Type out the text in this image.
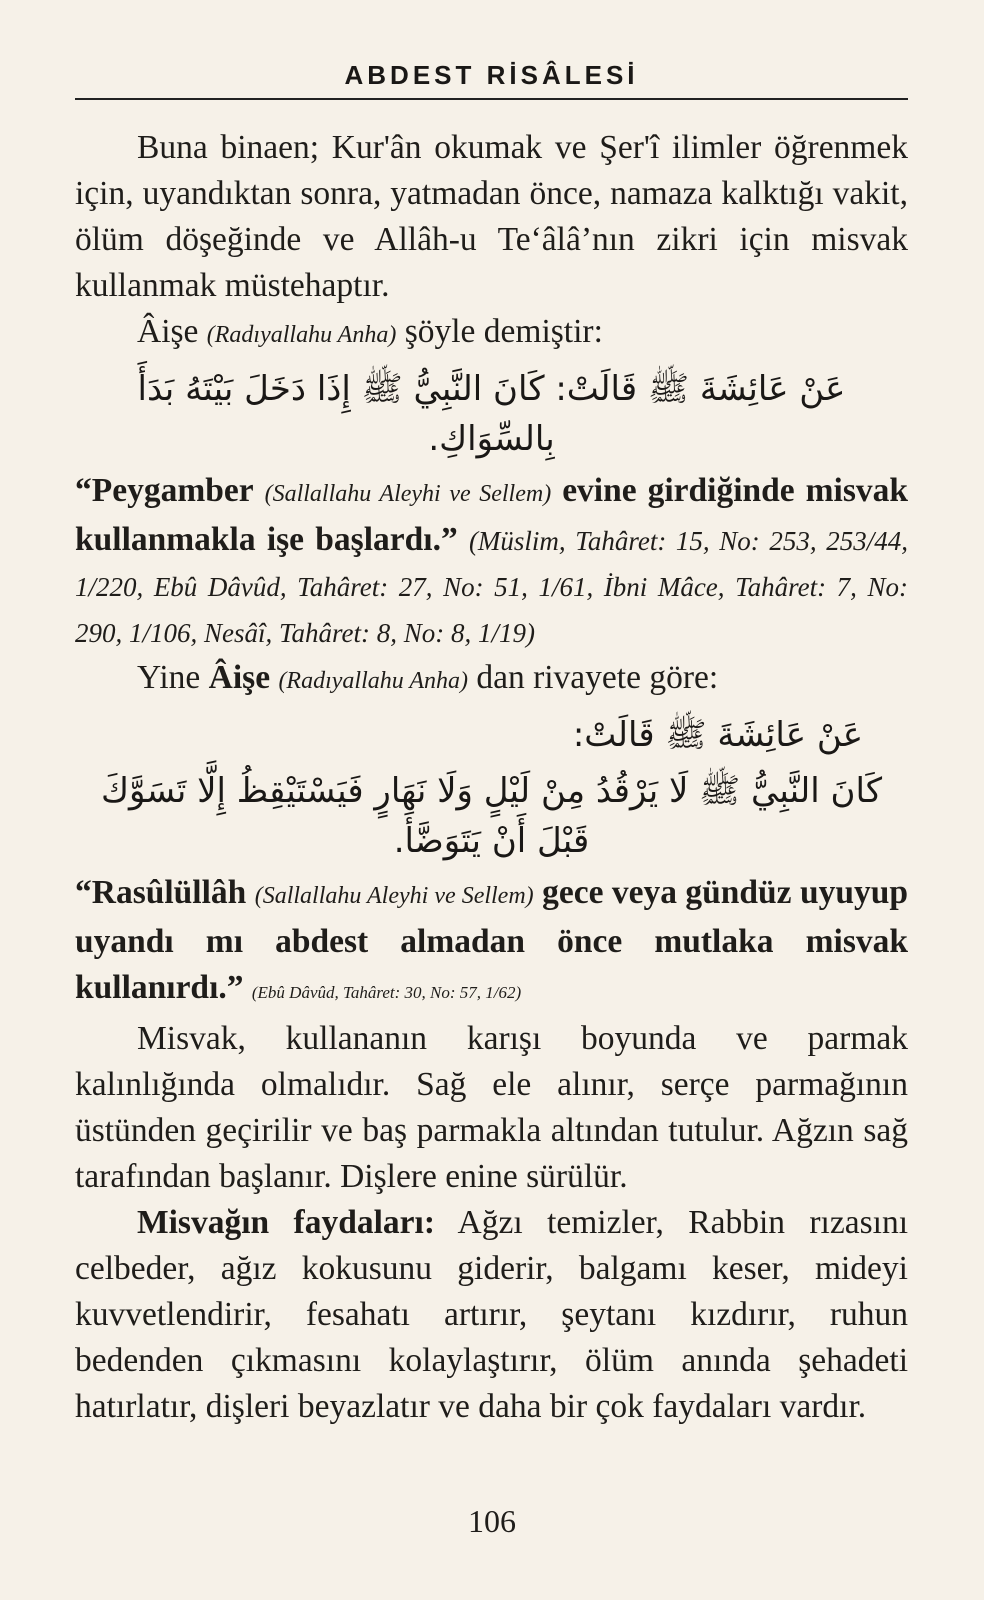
ABDEST RİSÂLESİ

Buna binaen; Kur'ân okumak ve Şer'î ilimler öğrenmek için, uyandıktan sonra, yatmadan önce, namaza kalktığı vakit, ölüm döşeğinde ve Allâh-u Te‘âlâ’nın zikri için misvak kullanmak müstehaptır.

Âişe (Radıyallahu Anha) şöyle demiştir:

عَنْ عَائِشَةَ ﷺ قَالَتْ: كَانَ النَّبِيُّ ﷺ إِذَا دَخَلَ بَيْتَهُ بَدَأَ بِالسِّوَاكِ.

“Peygamber (Sallallahu Aleyhi ve Sellem) evine girdiğinde misvak kullanmakla işe başlardı.” (Müslim, Tahâret: 15, No: 253, 253/44, 1/220, Ebû Dâvûd, Tahâret: 27, No: 51, 1/61, İbni Mâce, Tahâret: 7, No: 290, 1/106, Nesâî, Tahâret: 8, No: 8, 1/19)

Yine Âişe (Radıyallahu Anha) dan rivayete göre:

عَنْ عَائِشَةَ ﷺ قَالَتْ:
كَانَ النَّبِيُّ ﷺ لَا يَرْقُدُ مِنْ لَيْلٍ وَلَا نَهَارٍ فَيَسْتَيْقِظُ إِلَّا تَسَوَّكَ قَبْلَ أَنْ يَتَوَضَّأَ.

“Rasûlüllâh (Sallallahu Aleyhi ve Sellem) gece veya gündüz uyuyup uyandı mı abdest almadan önce mutlaka misvak kullanırdı.” (Ebû Dâvûd, Tahâret: 30, No: 57, 1/62)

Misvak, kullananın karışı boyunda ve parmak kalınlığında olmalıdır. Sağ ele alınır, serçe parmağının üstünden geçirilir ve baş parmakla altından tutulur. Ağzın sağ tarafından başlanır. Dişlere enine sürülür.

Misvağın faydaları: Ağzı temizler, Rabbin rızasını celbeder, ağız kokusunu giderir, balgamı keser, mideyi kuvvetlendirir, fesahatı artırır, şeytanı kızdırır, ruhun bedenden çıkmasını kolaylaştırır, ölüm anında şehadeti hatırlatır, dişleri beyazlatır ve daha bir çok faydaları vardır.

106
